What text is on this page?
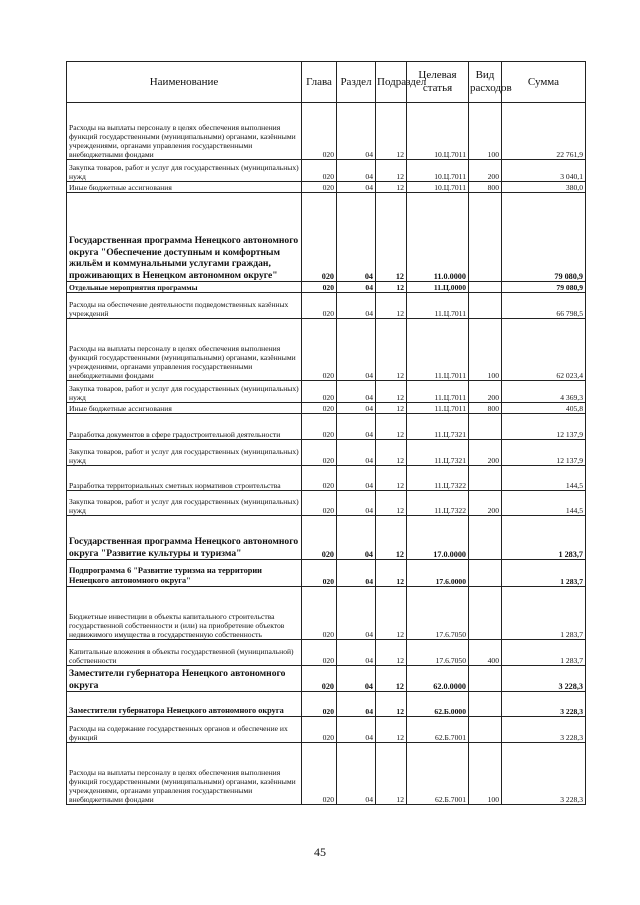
Наименование	Глава	Раздел	Подраздел	Целевая статья	Вид расходов	Сумма
Расходы на выплаты персоналу в целях обеспечения выполнения функций государственными (муниципальными) органами, казёнными учреждениями, органами управления государственными внебюджетными фондами	020	04	12	10.Ц.7011	100	22 761,9
Закупка товаров, работ и услуг для государственных (муниципальных) нужд	020	04	12	10.Ц.7011	200	3 040,1
Иные бюджетные ассигнования	020	04	12	10.Ц.7011	800	380,0
Государственная программа Ненецкого автономного округа "Обеспечение доступным и комфортным жильём и коммунальными услугами граждан, проживающих в Ненецком автономном округе"	020	04	12	11.0.0000		79 080,9
Отдельные мероприятия программы	020	04	12	11.Ц.0000		79 080,9
Расходы на обеспечение деятельности подведомственных казённых учреждений	020	04	12	11.Ц.7011		66 798,5
Расходы на выплаты персоналу в целях обеспечения выполнения функций государственными (муниципальными) органами, казёнными учреждениями, органами управления государственными внебюджетными фондами	020	04	12	11.Ц.7011	100	62 023,4
Закупка товаров, работ и услуг для государственных (муниципальных) нужд	020	04	12	11.Ц.7011	200	4 369,3
Иные бюджетные ассигнования	020	04	12	11.Ц.7011	800	405,8
Разработка документов в сфере градостроительной деятельности	020	04	12	11.Ц.7321		12 137,9
Закупка товаров, работ и услуг для государственных (муниципальных) нужд	020	04	12	11.Ц.7321	200	12 137,9
Разработка территориальных сметных нормативов строительства	020	04	12	11.Ц.7322		144,5
Закупка товаров, работ и услуг для государственных (муниципальных) нужд	020	04	12	11.Ц.7322	200	144,5
Государственная программа Ненецкого автономного округа "Развитие культуры и туризма"	020	04	12	17.0.0000		1 283,7
Подпрограмма 6 "Развитие туризма на территории Ненецкого автономного округа"	020	04	12	17.6.0000		1 283,7
Бюджетные инвестиции в объекты капитального строительства государственной собственности и (или) на приобретение объектов недвижимого имущества в государственную собственность	020	04	12	17.6.7050		1 283,7
Капитальные вложения в объекты государственной (муниципальной) собственности	020	04	12	17.6.7050	400	1 283,7
Заместители губернатора Ненецкого автономного округа	020	04	12	62.0.0000		3 228,3
Заместители губернатора Ненецкого автономного округа	020	04	12	62.Б.0000		3 228,3
Расходы на содержание государственных органов и обеспечение их функций	020	04	12	62.Б.7001		3 228,3
Расходы на выплаты персоналу в целях обеспечения выполнения функций государственными (муниципальными) органами, казёнными учреждениями, органами управления государственными внебюджетными фондами	020	04	12	62.Б.7001	100	3 228,3
45
